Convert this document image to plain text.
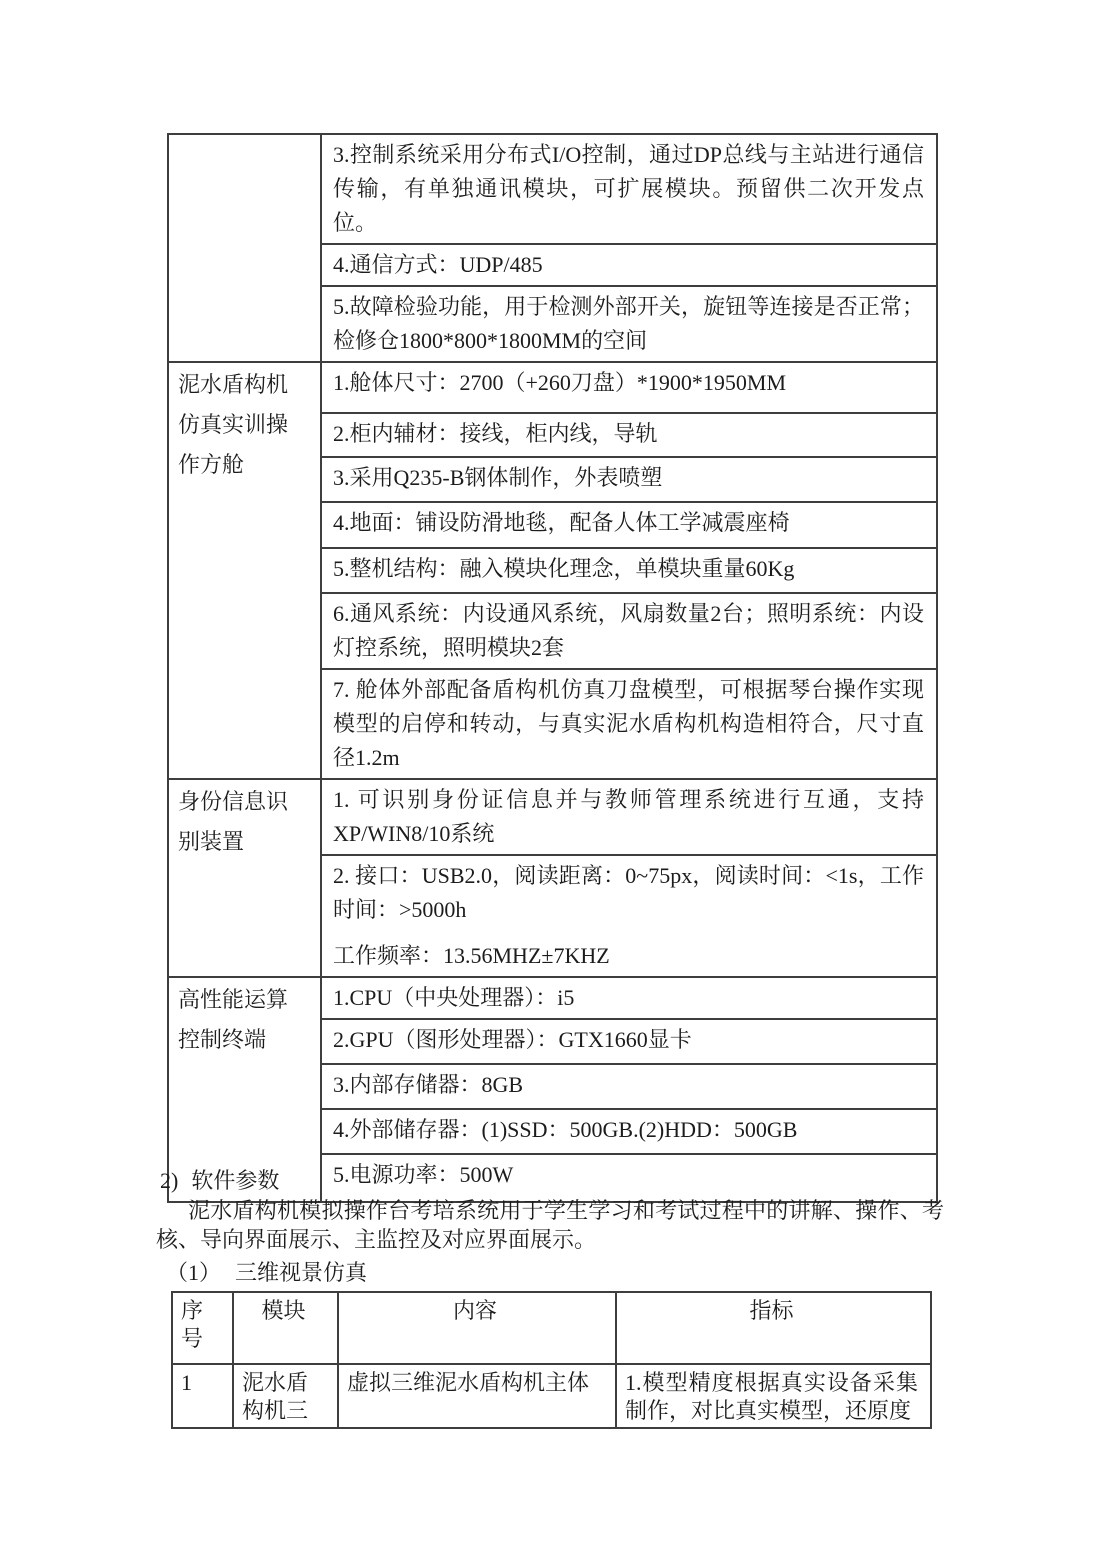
	3.控制系统采用分布式I/O控制，通过DP总线与主站进行通信传输，有单独通讯模块，可扩展模块。预留供二次开发点位。
	4.通信方式：UDP/485
	5.故障检验功能，用于检测外部开关，旋钮等连接是否正常；检修仓1800*800*1800MM的空间
泥水盾构机仿真实训操作方舱	1.舱体尺寸：2700（+260刀盘）*1900*1950MM
	2.柜内辅材：接线，柜内线，导轨
	3.采用Q235-B钢体制作，外表喷塑
	4.地面：铺设防滑地毯，配备人体工学减震座椅
	5.整机结构：融入模块化理念，单模块重量60Kg
	6.通风系统：内设通风系统，风扇数量2台；照明系统：内设灯控系统，照明模块2套
	7. 舱体外部配备盾构机仿真刀盘模型，可根据琴台操作实现模型的启停和转动，与真实泥水盾构机构造相符合，尺寸直径1.2m
身份信息识别装置	1. 可识别身份证信息并与教师管理系统进行互通，支持XP/WIN8/10系统

	2. 接口：USB2.0，阅读距离：0~75px，阅读时间：<1s，工作时间：>5000h

工作频率：13.56MHZ±7KHZ

高性能运算控制终端	1.CPU（中央处理器）：i5
	2.GPU（图形处理器）：GTX1660显卡
	3.内部存储器：8GB
	4.外部储存器：(1)SSD：500GB.(2)HDD：500GB
	5.电源功率：500W
2) 软件参数

泥水盾构机模拟操作台考培系统用于学生学习和考试过程中的讲解、操作、考核、导向界面展示、主监控及对应界面展示。

（1） 三维视景仿真
序号	模块	内容	指标
1	泥水盾构机三	虚拟三维泥水盾构机主体	1.模型精度根据真实设备采集制作，对比真实模型，还原度
